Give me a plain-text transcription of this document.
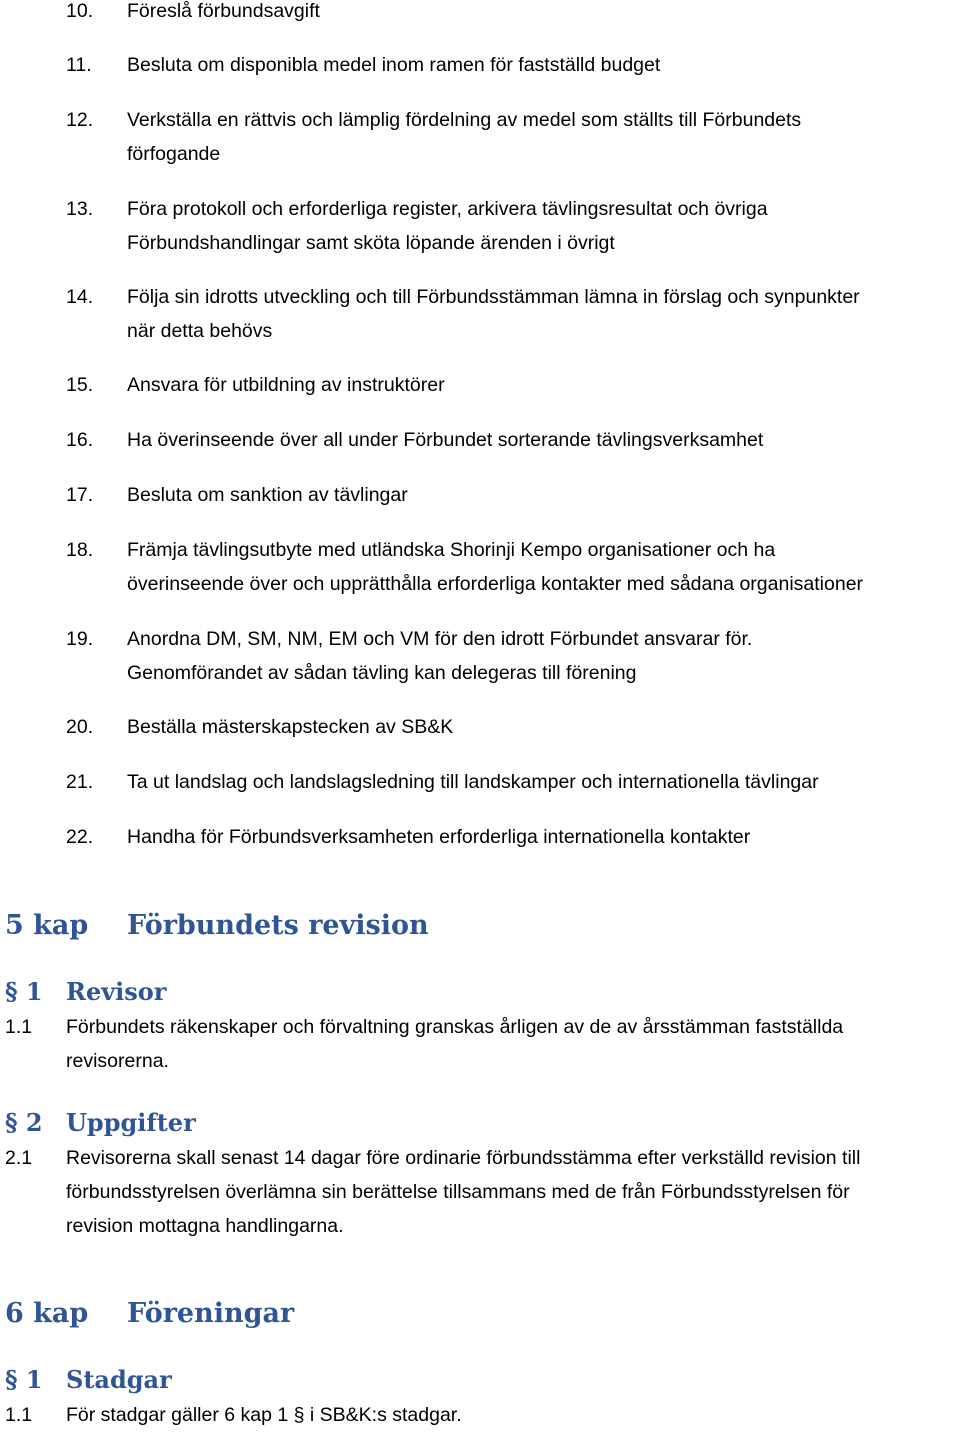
10. Föreslå förbundsavgift
11. Besluta om disponibla medel inom ramen för fastställd budget
12. Verkställa en rättvis och lämplig fördelning av medel som ställts till Förbundets
förfogande
13. Föra protokoll och erforderliga register, arkivera tävlingsresultat och övriga
Förbundshandlingar samt sköta löpande ärenden i övrigt
14. Följa sin idrotts utveckling och till Förbundsstämman lämna in förslag och synpunkter
när detta behövs
15. Ansvara för utbildning av instruktörer
16. Ha överinseende över all under Förbundet sorterande tävlingsverksamhet
17. Besluta om sanktion av tävlingar
18. Främja tävlingsutbyte med utländska Shorinji Kempo organisationer och ha
överinseende över och upprätthålla erforderliga kontakter med sådana organisationer
19. Anordna DM, SM, NM, EM och VM för den idrott Förbundet ansvarar för.
Genomförandet av sådan tävling kan delegeras till förening
20. Beställa mästerskapstecken av SB&K
21. Ta ut landslag och landslagsledning till landskamper och internationella tävlingar
22. Handha för Förbundsverksamheten erforderliga internationella kontakter
5 kap Förbundets revision
§ 1 Revisor
1.1 Förbundets räkenskaper och förvaltning granskas årligen av de av årsstämman fastställda
revisorerna.
§ 2 Uppgifter
2.1 Revisorerna skall senast 14 dagar före ordinarie förbundsstämma efter verkställd revision till
förbundsstyrelsen överlämna sin berättelse tillsammans med de från Förbundsstyrelsen för
revision mottagna handlingarna.
6 kap Föreningar
§ 1 Stadgar
1.1 För stadgar gäller 6 kap 1 § i SB&K:s stadgar.
